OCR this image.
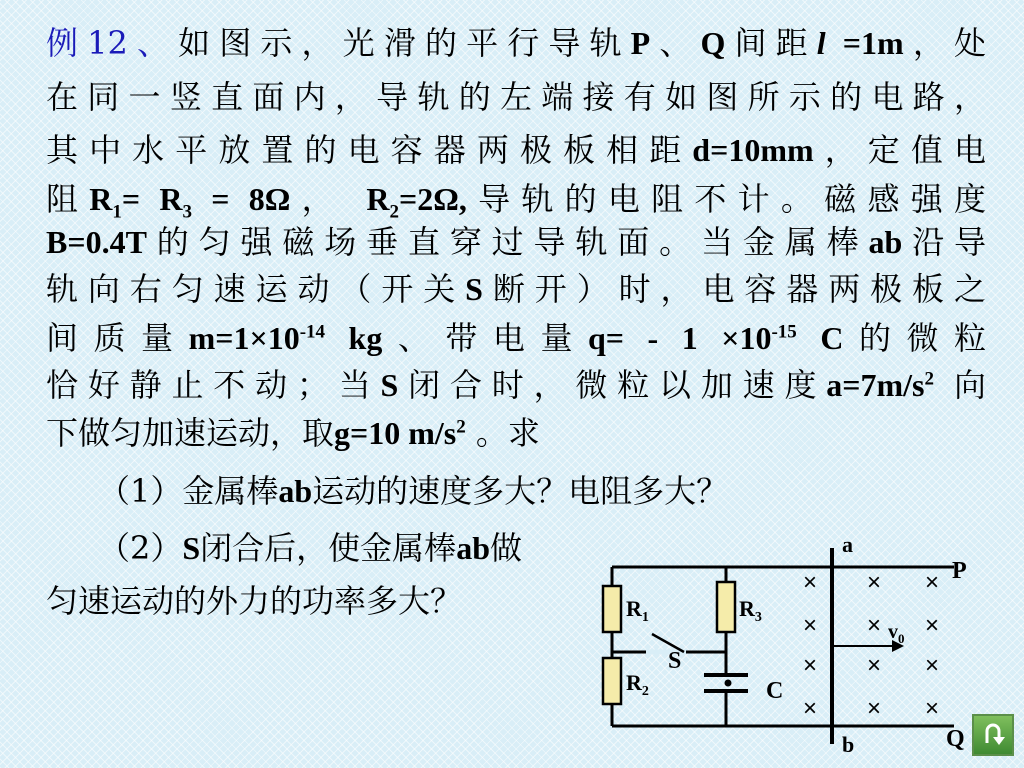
例12、如图示，光滑的平行导轨P、Q间距l =1m，处
在同一竖直面内，导轨的左端接有如图所示的电路，
其中水平放置的电容器两极板相距d=10mm，定值电
阻$R_1= R_3 = 8\Omega$， $R_2=2\Omega$,导轨的电阻不计。磁感强度
B=0.4T的匀强磁场垂直穿过导轨面。当金属棒ab沿导
轨向右匀速运动（开关S断开）时，电容器两极板之
间质量$m=1\times 10^{-14}$ kg、带电量$q= - 1 \times 10^{-15}$ C的微粒
恰好静止不动；当S闭合时，微粒以加速度$a=7m/s^2$ 向
下做匀加速运动，取g=10 $m/s^2$ 。求
（1）金属棒ab运动的速度多大？电阻多大？
（2）S闭合后，使金属棒ab做
匀速运动的外力的功率多大？	×
×
×
×
×
×
×
×
×
×
×
×
a
b
P
Q
$R_1$
$R_2$
$R_3$
S
C
$v_0$
